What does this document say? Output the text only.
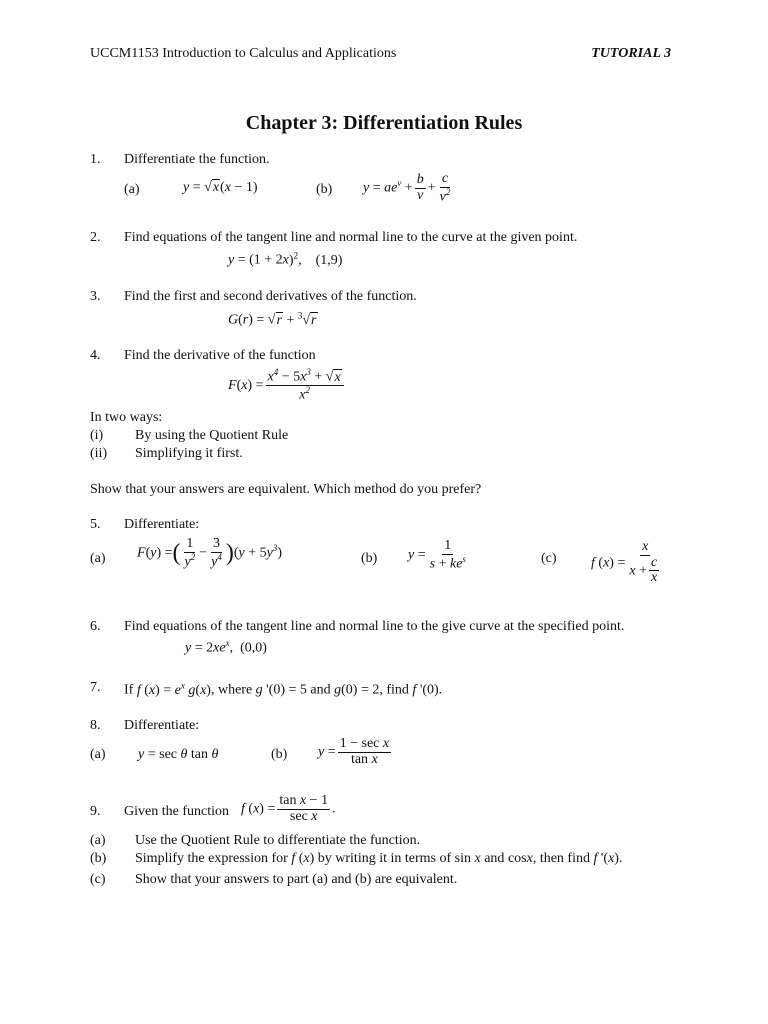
UCCM1153 Introduction to Calculus and Applications	TUTORIAL 3
Chapter 3: Differentiation Rules
1. Differentiate the function.
(a)	y = √x(x − 1)	(b) $y = ae^v + \frac{b}{v} + \frac{c}{v^2}$
2. Find equations of the tangent line and normal line to the curve at the given point.
$y = (1 + 2x)^2$,    (1,9)
3. Find the first and second derivatives of the function.
G(r) = √r + $^3$√r
4. Find the derivative of the function
$F(x) = \frac{x^4 - 5x^3 + √x}{x^2}$
In two ways:
(i) By using the Quotient Rule
(ii) Simplifying it first.
Show that your answers are equivalent. Which method do you prefer?
5. Differentiate:
(a) F(y) =( $\frac{1}{y^2} - \frac{3}{y^4} )(y + 5y^3)$	(b) $y = \frac{1}{s + ke^s}$	(c) f $(x) = \frac{x}{x + \frac{c}{x}}$
6. Find equations of the tangent line and normal line to the give curve at the specified point.
$y = 2xe^x$,  (0,0)
7. If f $(x) = e^x$ g(x), where g '(0) = 5 and g(0) = 2, find f '(0).
8. Differentiate:
(a) y = sec θ tan θ	(b) $y = \frac{\text{1 − sec x}}{\text{tan x}}$
9. Given the function f $(x) = \frac{\text{tan x − 1}}{\text{sec x}}$ .
(a) Use the Quotient Rule to differentiate the function.
(b) Simplify the expression for f (x) by writing it in terms of sin x and cosx, then find f '(x).
(c) Show that your answers to part (a) and (b) are equivalent.
